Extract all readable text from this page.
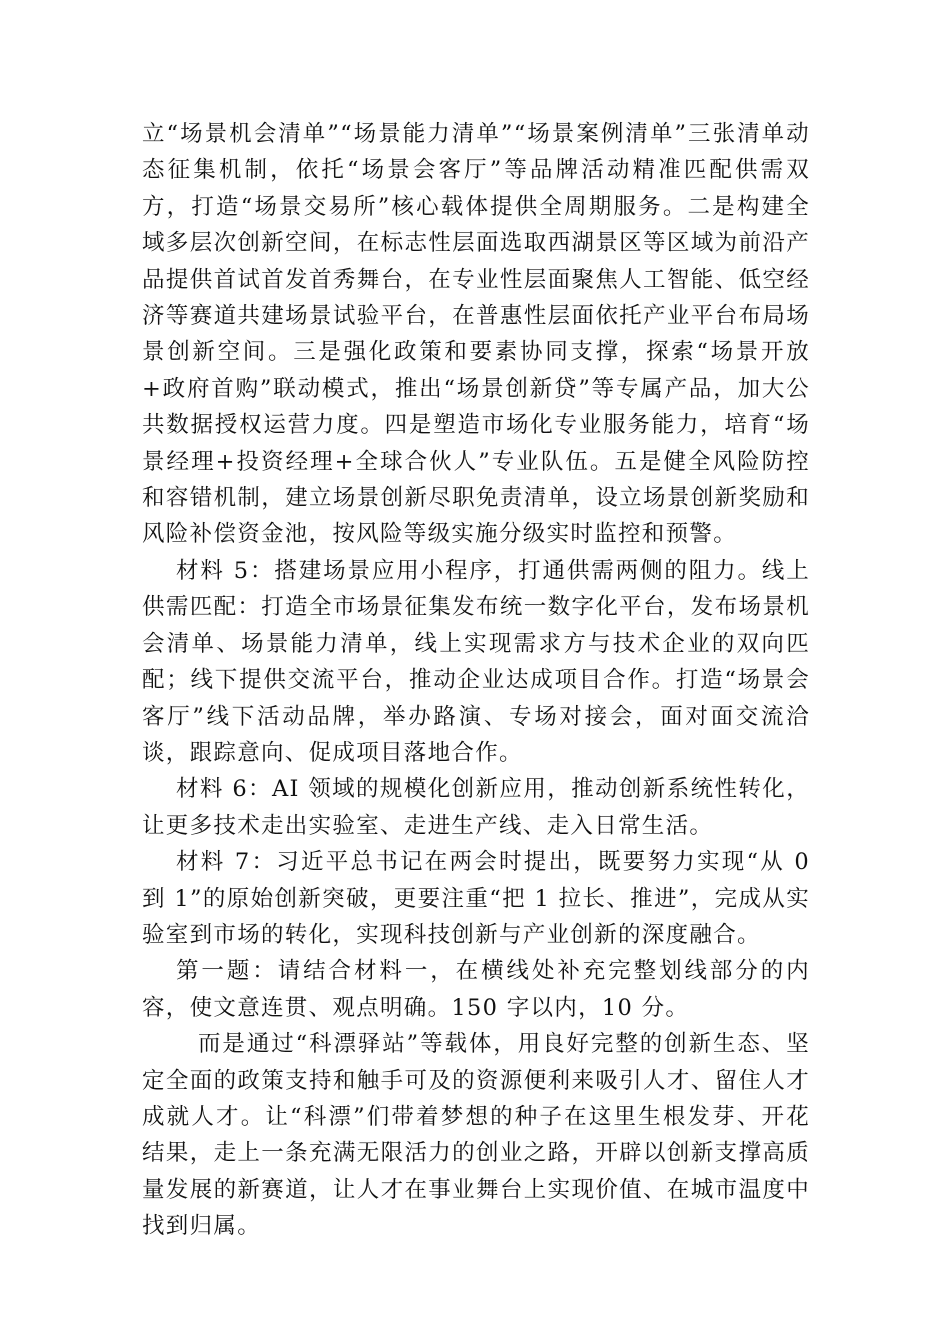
立“场景机会清单”“场景能力清单”“场景案例清单”三张清单动态征集机制，依托“场景会客厅”等品牌活动精准匹配供需双方，打造“场景交易所”核心载体提供全周期服务。二是构建全域多层次创新空间，在标志性层面选取西湖景区等区域为前沿产品提供首试首发首秀舞台，在专业性层面聚焦人工智能、低空经济等赛道共建场景试验平台，在普惠性层面依托产业平台布局场景创新空间。三是强化政策和要素协同支撑，探索“场景开放+政府首购”联动模式，推出“场景创新贷”等专属产品，加大公共数据授权运营力度。四是塑造市场化专业服务能力，培育“场景经理+投资经理+全球合伙人”专业队伍。五是健全风险防控和容错机制，建立场景创新尽职免责清单，设立场景创新奖励和风险补偿资金池，按风险等级实施分级实时监控和预警。

材料 5：搭建场景应用小程序，打通供需两侧的阻力。线上供需匹配：打造全市场景征集发布统一数字化平台，发布场景机会清单、场景能力清单，线上实现需求方与技术企业的双向匹配；线下提供交流平台，推动企业达成项目合作。打造“场景会客厅”线下活动品牌，举办路演、专场对接会，面对面交流洽谈，跟踪意向、促成项目落地合作。

材料 6：AI 领域的规模化创新应用，推动创新系统性转化，让更多技术走出实验室、走进生产线、走入日常生活。

材料 7：习近平总书记在两会时提出，既要努力实现“从 0 到 1”的原始创新突破，更要注重“把 1 拉长、推进”，完成从实验室到市场的转化，实现科技创新与产业创新的深度融合。

第一题：请结合材料一，在横线处补充完整划线部分的内容，使文意连贯、观点明确。150 字以内，10 分。

而是通过“科漂驿站”等载体，用良好完整的创新生态、坚定全面的政策支持和触手可及的资源便利来吸引人才、留住人才成就人才。让“科漂”们带着梦想的种子在这里生根发芽、开花结果，走上一条充满无限活力的创业之路，开辟以创新支撑高质量发展的新赛道，让人才在事业舞台上实现价值、在城市温度中找到归属。
